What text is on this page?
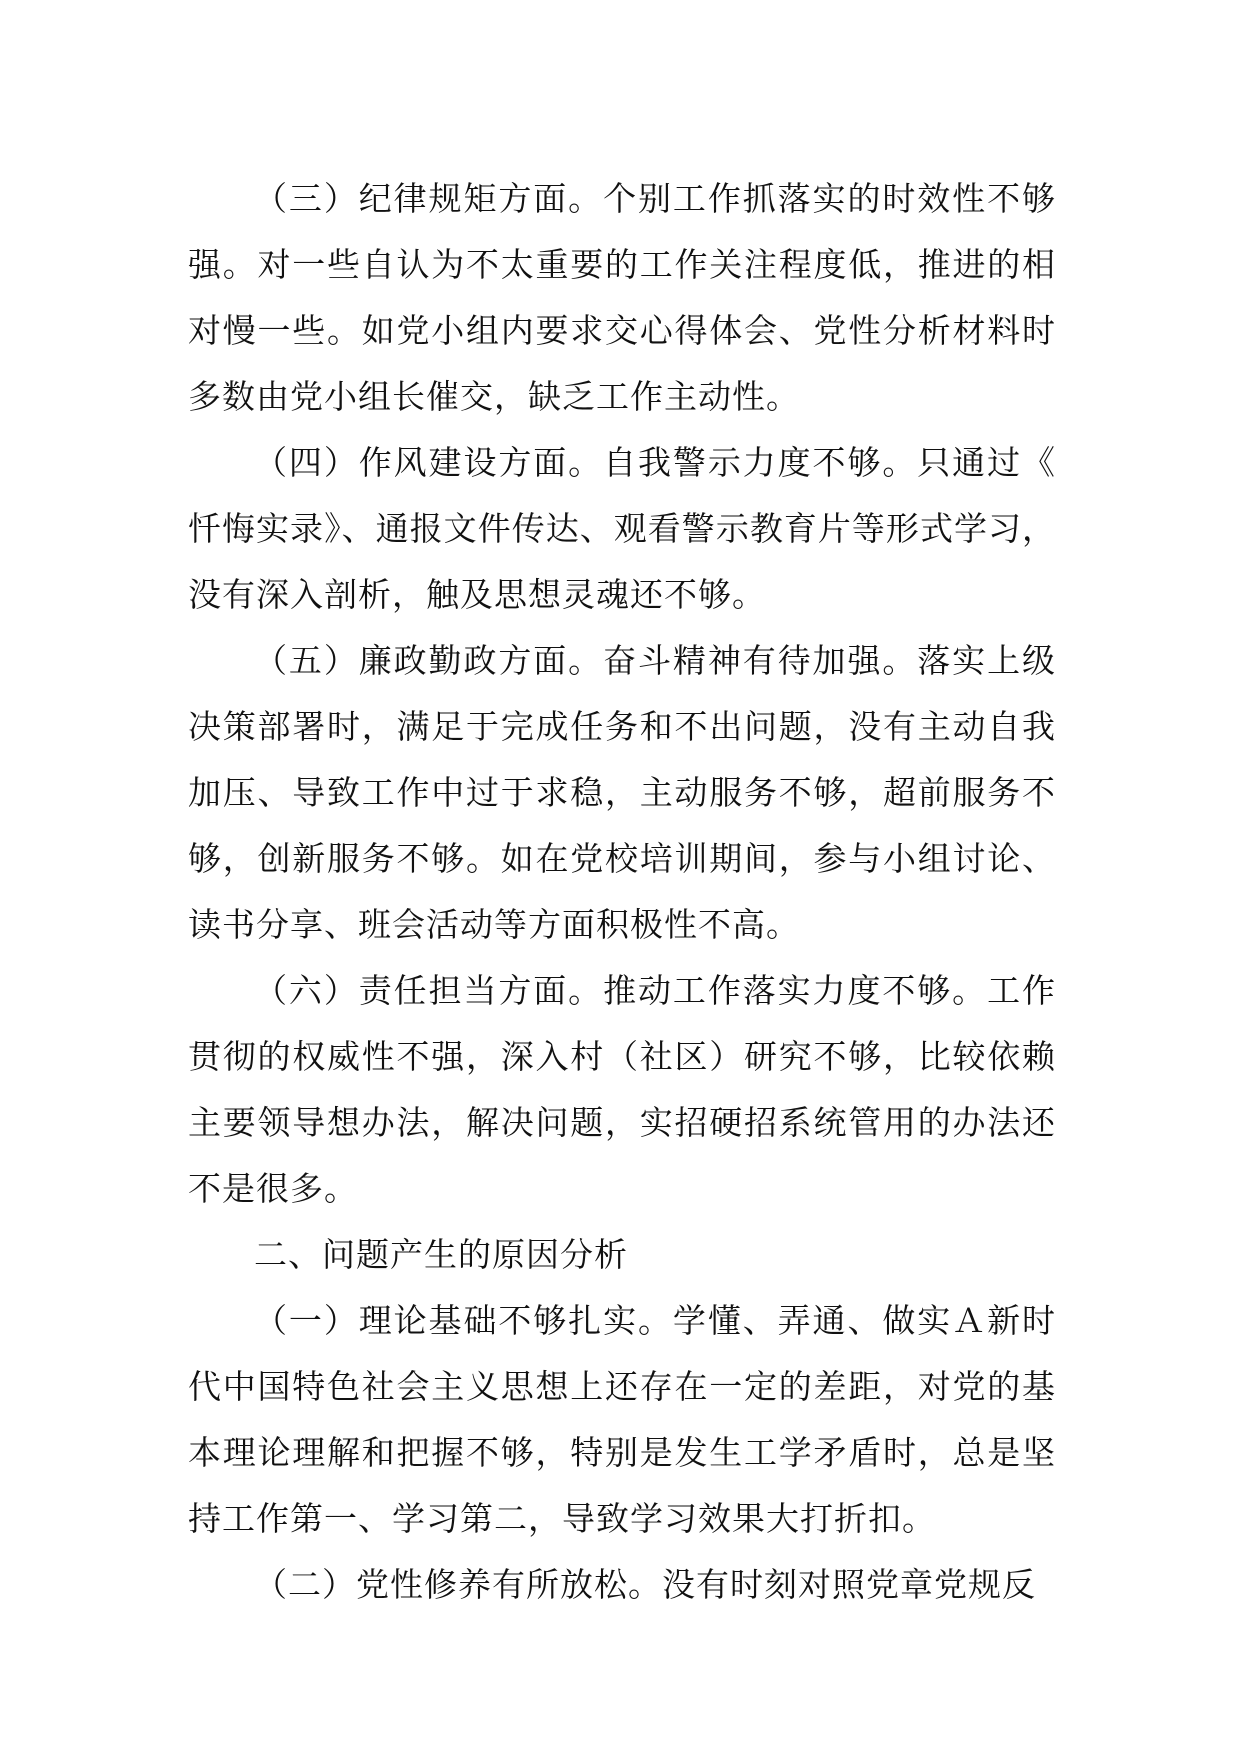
（三）纪律规矩方面。个别工作抓落实的时效性不够强。对一些自认为不太重要的工作关注程度低，推进的相对慢一些。如党小组内要求交心得体会、党性分析材料时多数由党小组长催交，缺乏工作主动性。

（四）作风建设方面。自我警示力度不够。只通过《忏悔实录》、通报文件传达、观看警示教育片等形式学习，没有深入剖析，触及思想灵魂还不够。

（五）廉政勤政方面。奋斗精神有待加强。落实上级决策部署时，满足于完成任务和不出问题，没有主动自我加压、导致工作中过于求稳，主动服务不够，超前服务不够，创新服务不够。如在党校培训期间，参与小组讨论、读书分享、班会活动等方面积极性不高。

（六）责任担当方面。推动工作落实力度不够。工作贯彻的权威性不强，深入村（社区）研究不够，比较依赖主要领导想办法，解决问题，实招硬招系统管用的办法还不是很多。

二、问题产生的原因分析

（一）理论基础不够扎实。学懂、弄通、做实Ａ新时代中国特色社会主义思想上还存在一定的差距，对党的基本理论理解和把握不够，特别是发生工学矛盾时，总是坚持工作第一、学习第二，导致学习效果大打折扣。

（二）党性修养有所放松。没有时刻对照党章党规反
